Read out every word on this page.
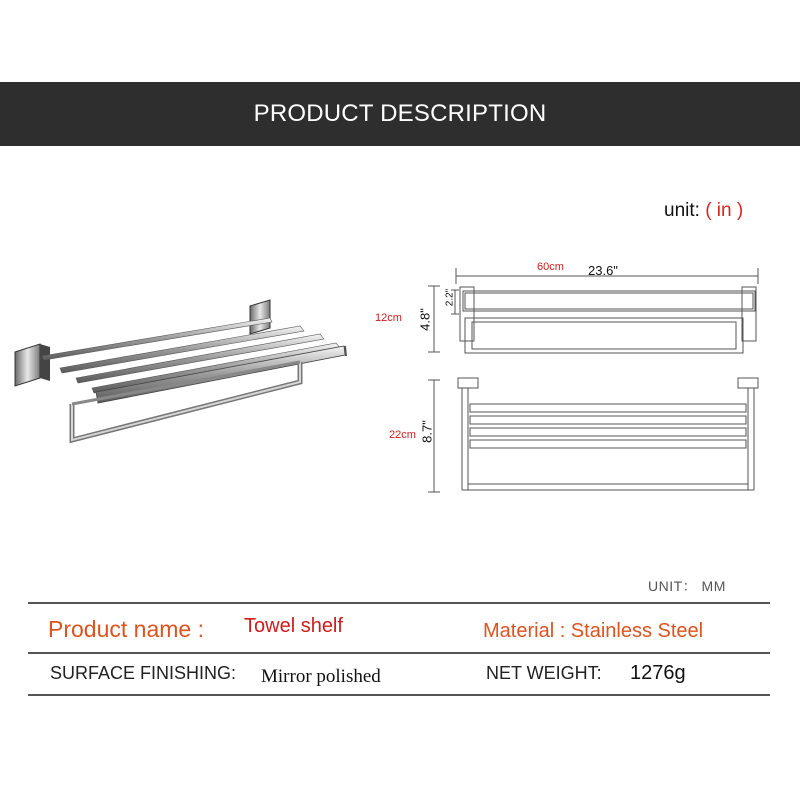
PRODUCT DESCRIPTION
unit: ( in )
60cm 23.6"
12cm 4.8"
2.2"
22cm 8.7"
UNIT： MM
Product name : Towel shelf	Material : Stainless Steel
SURFACE FINISHING: Mirror polished	NET WEIGHT: 1276g
